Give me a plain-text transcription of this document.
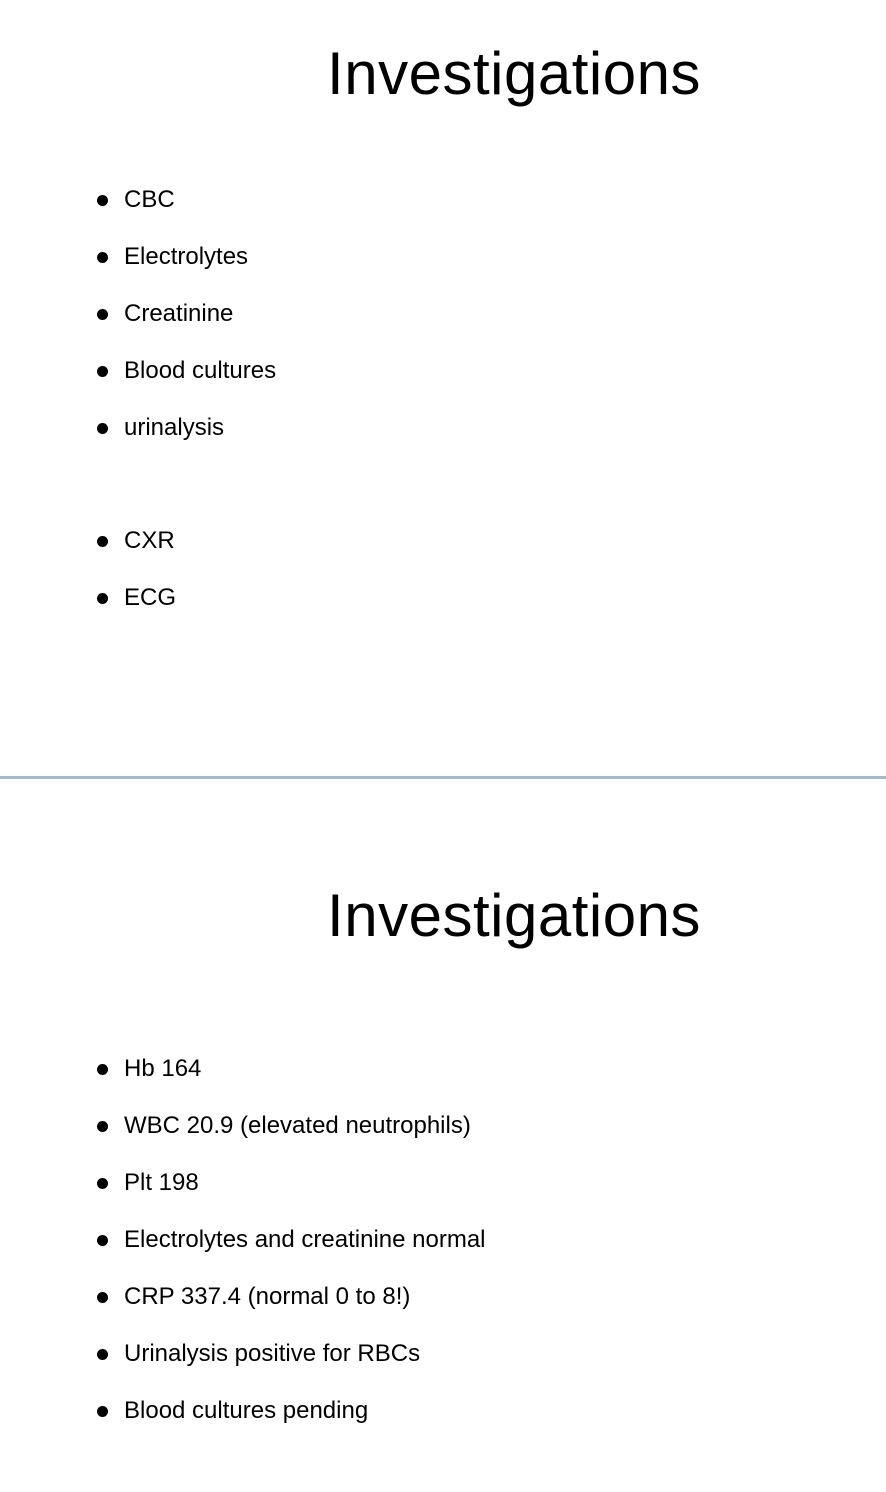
Investigations
CBC
Electrolytes
Creatinine
Blood cultures
urinalysis
CXR
ECG
Investigations
Hb 164
WBC 20.9 (elevated neutrophils)
Plt 198
Electrolytes and creatinine normal
CRP 337.4 (normal 0 to 8!)
Urinalysis positive for RBCs
Blood cultures pending
